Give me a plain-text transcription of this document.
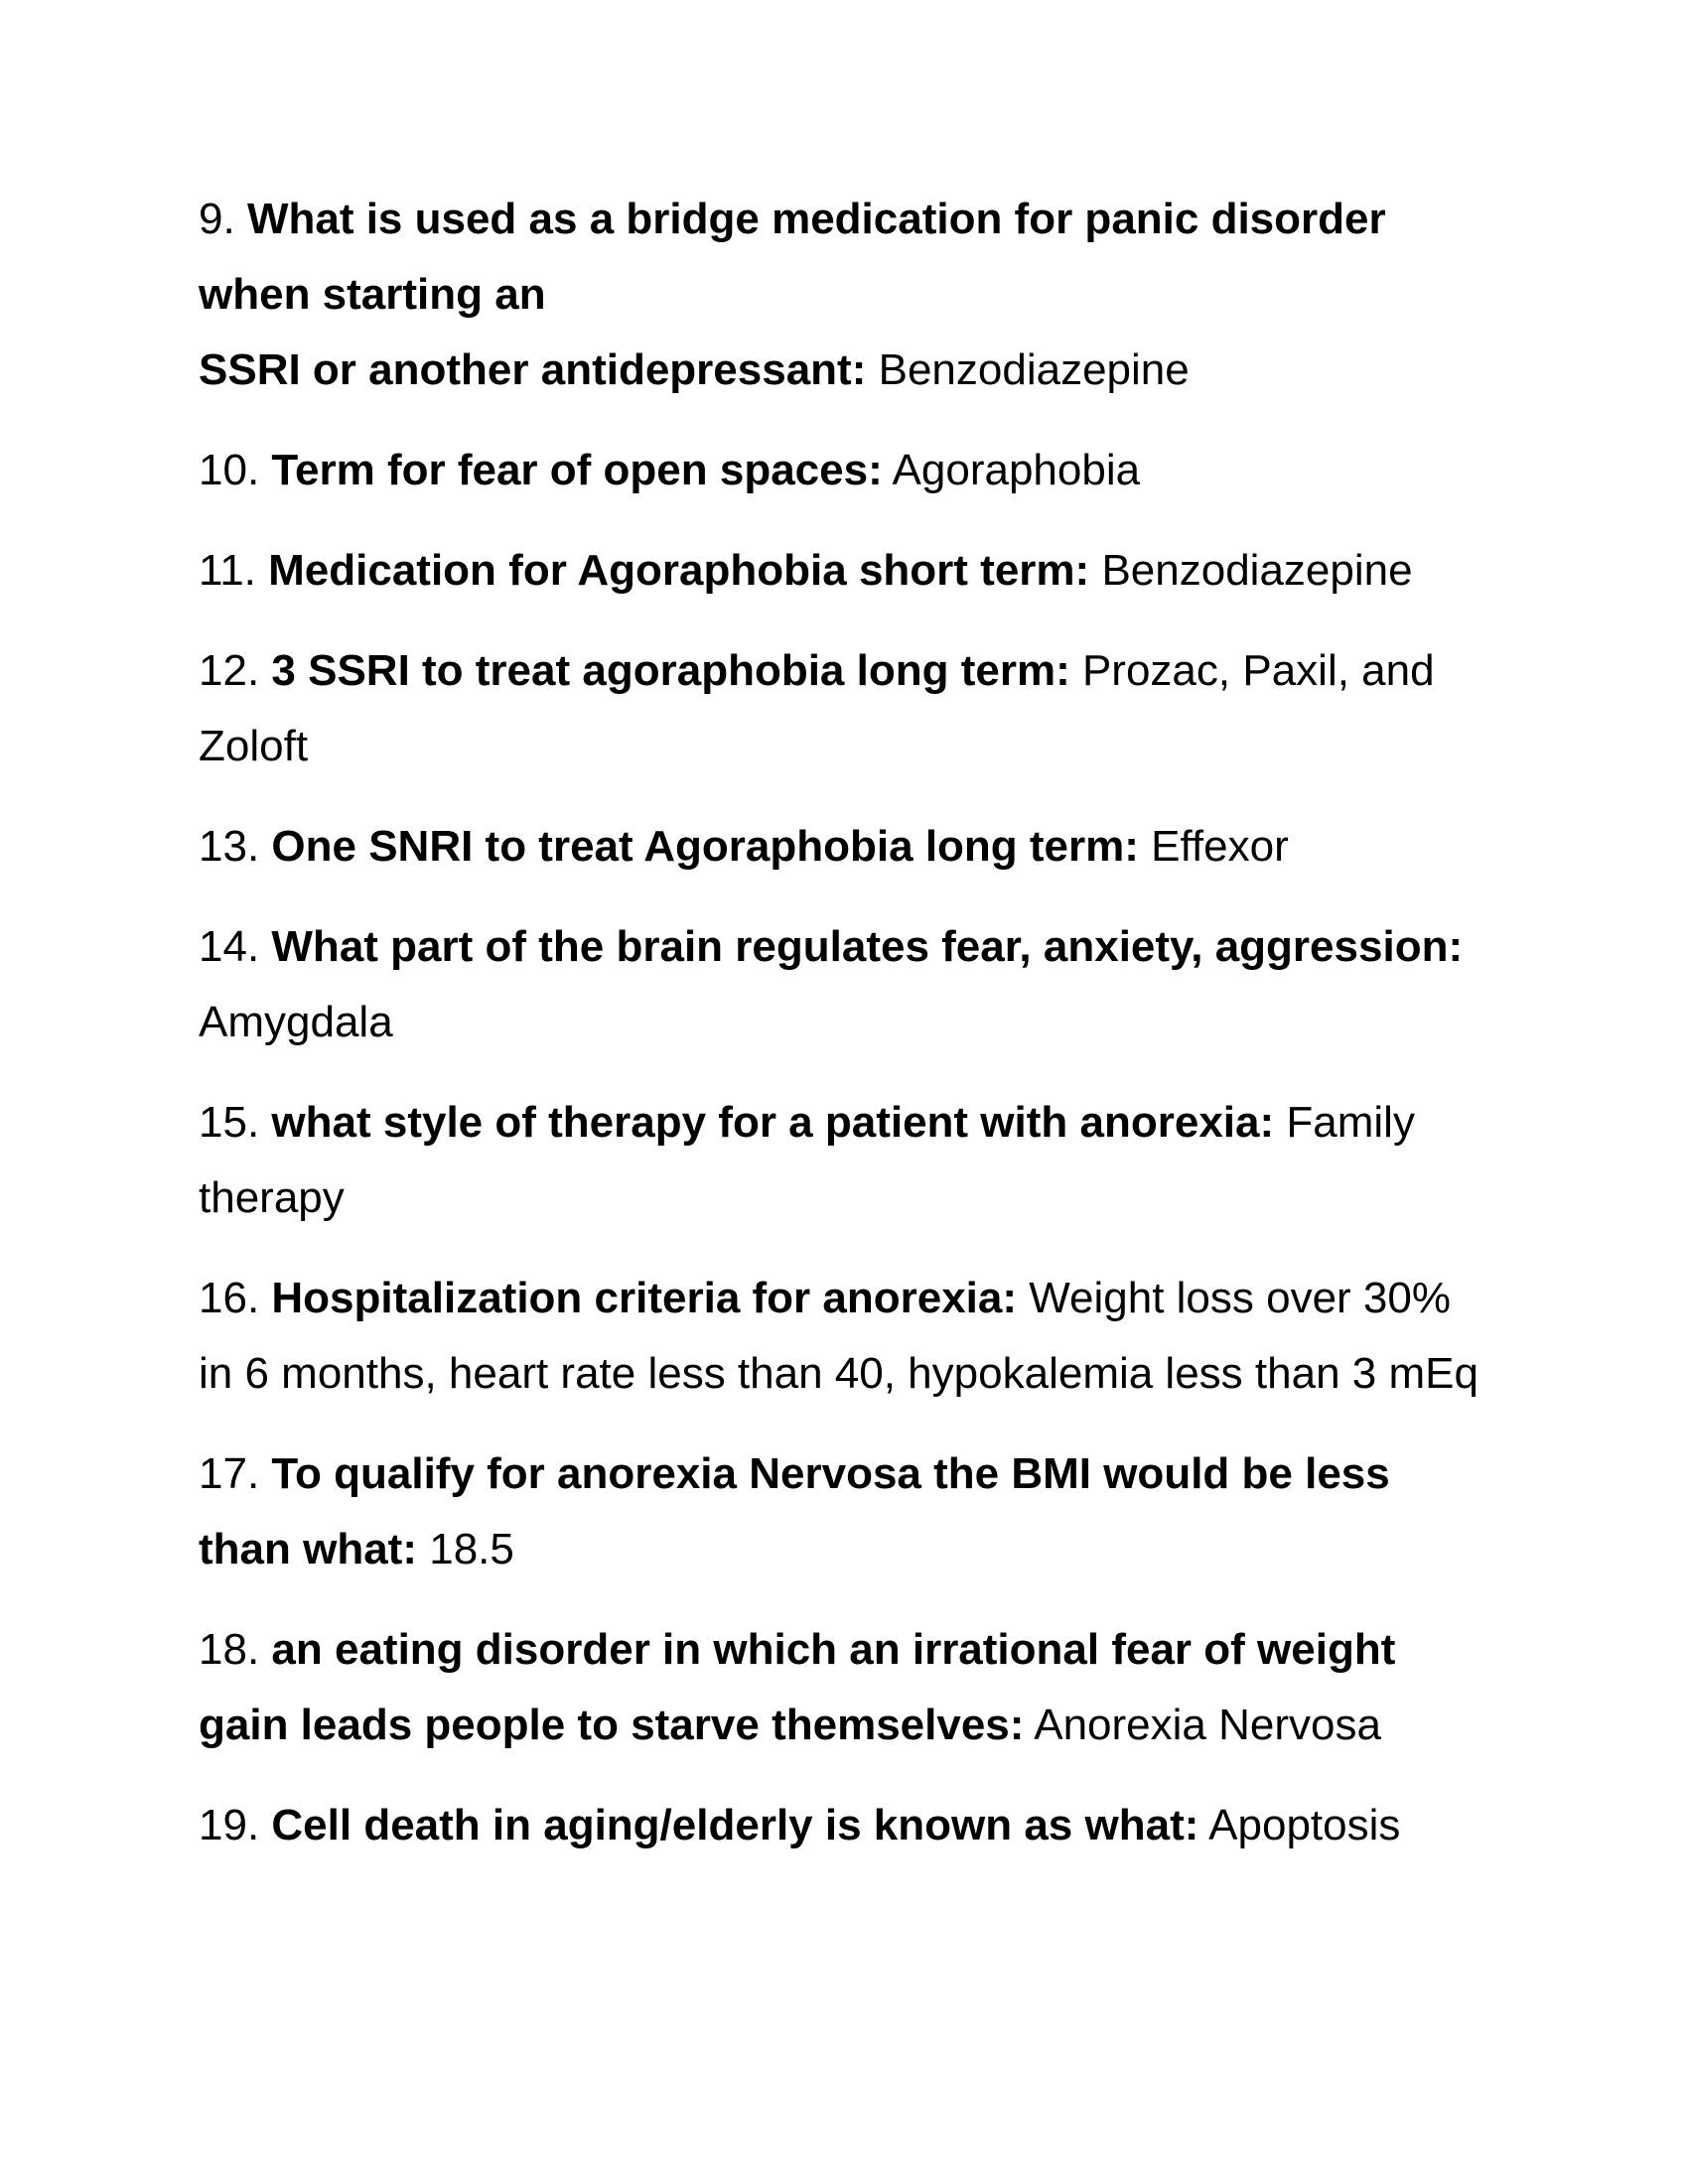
9. What is used as a bridge medication for panic disorder when starting an
SSRI or another antidepressant: Benzodiazepine

10. Term for fear of open spaces: Agoraphobia

11. Medication for Agoraphobia short term: Benzodiazepine

12. 3 SSRI to treat agoraphobia long term: Prozac, Paxil, and Zoloft

13. One SNRI to treat Agoraphobia long term: Effexor

14. What part of the brain regulates fear, anxiety, aggression: Amygdala

15. what style of therapy for a patient with anorexia: Family therapy

16. Hospitalization criteria for anorexia: Weight loss over 30% in 6 months, heart rate less than 40, hypokalemia less than 3 mEq

17. To qualify for anorexia Nervosa the BMI would be less than what: 18.5

18. an eating disorder in which an irrational fear of weight gain leads people to starve themselves: Anorexia Nervosa

19. Cell death in aging/elderly is known as what: Apoptosis
